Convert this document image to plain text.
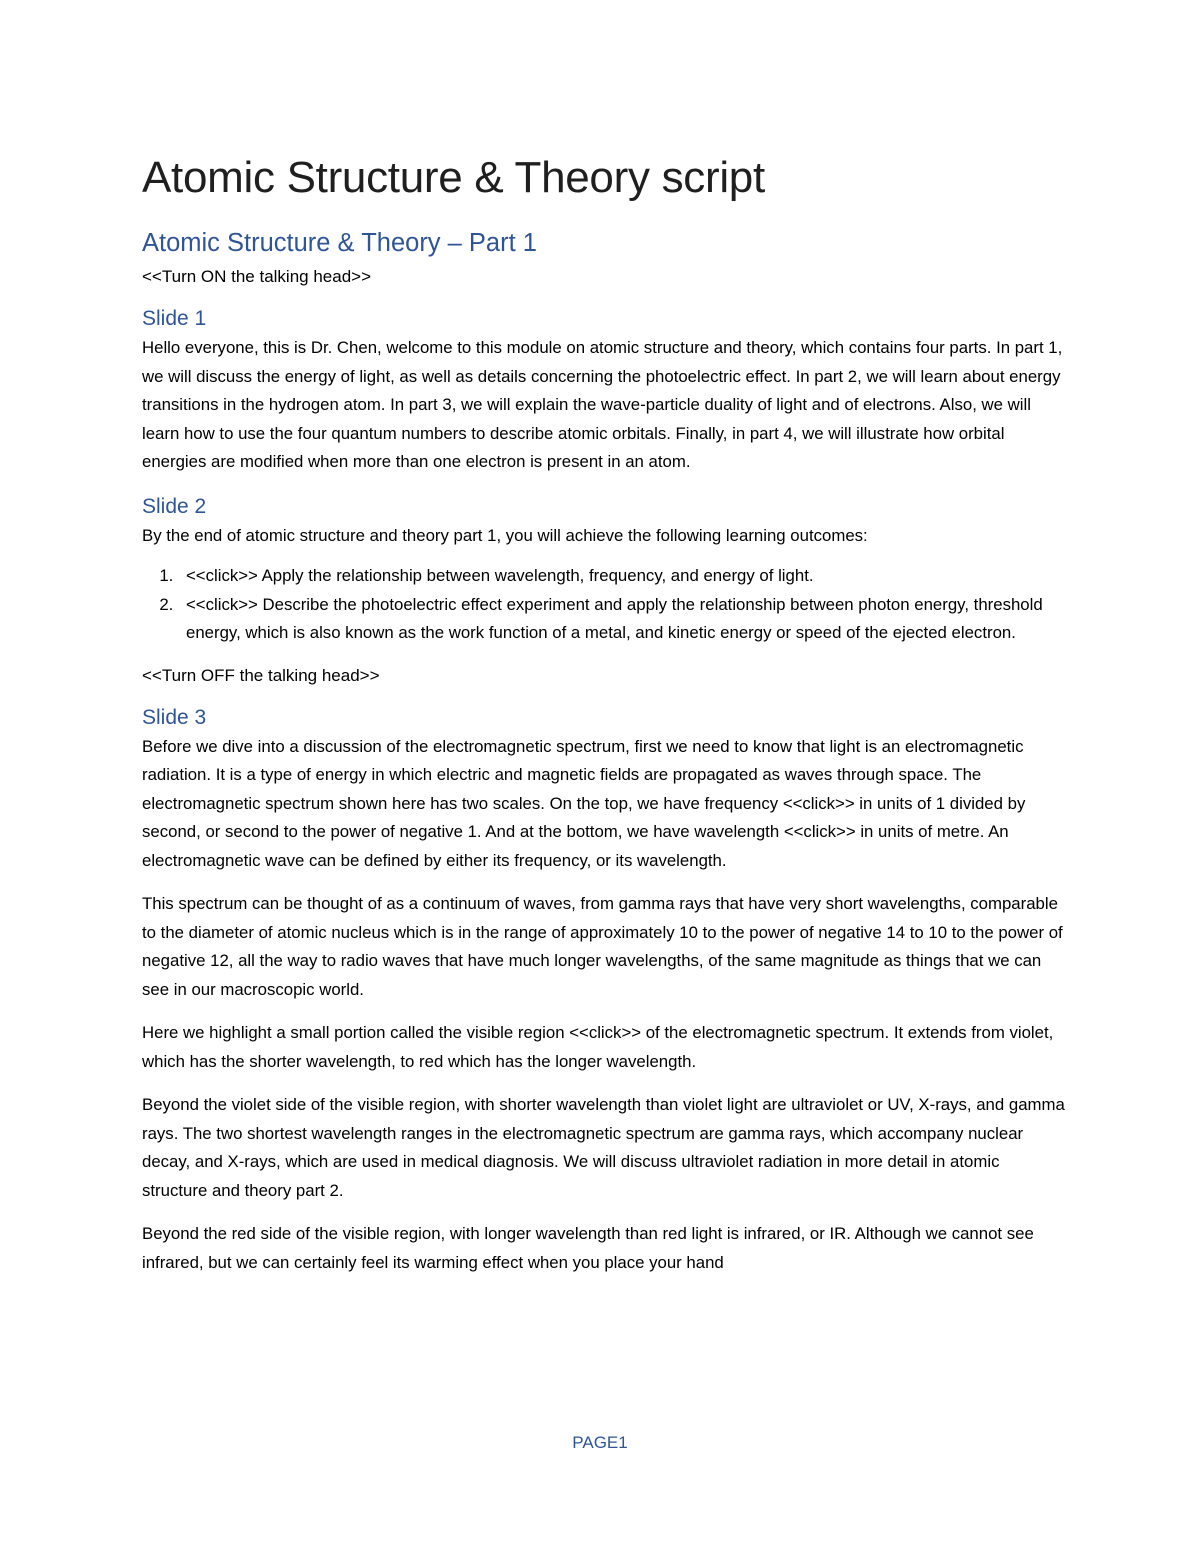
Atomic Structure & Theory script
Atomic Structure & Theory – Part 1
<<Turn ON the talking head>>
Slide 1

Hello everyone, this is Dr. Chen, welcome to this module on atomic structure and theory, which contains four parts. In part 1, we will discuss the energy of light, as well as details concerning the photoelectric effect. In part 2, we will learn about energy transitions in the hydrogen atom. In part 3, we will explain the wave-particle duality of light and of electrons. Also, we will learn how to use the four quantum numbers to describe atomic orbitals. Finally, in part 4, we will illustrate how orbital energies are modified when more than one electron is present in an atom.

Slide 2

By the end of atomic structure and theory part 1, you will achieve the following learning outcomes:

1. <<click>> Apply the relationship between wavelength, frequency, and energy of light.
2. <<click>> Describe the photoelectric effect experiment and apply the relationship between photon energy, threshold energy, which is also known as the work function of a metal, and kinetic energy or speed of the ejected electron.
<<Turn OFF the talking head>>
Slide 3

Before we dive into a discussion of the electromagnetic spectrum, first we need to know that light is an electromagnetic radiation. It is a type of energy in which electric and magnetic fields are propagated as waves through space. The electromagnetic spectrum shown here has two scales. On the top, we have frequency <<click>> in units of 1 divided by second, or second to the power of negative 1. And at the bottom, we have wavelength <<click>> in units of metre. An electromagnetic wave can be defined by either its frequency, or its wavelength.

This spectrum can be thought of as a continuum of waves, from gamma rays that have very short wavelengths, comparable to the diameter of atomic nucleus which is in the range of approximately 10 to the power of negative 14 to 10 to the power of negative 12, all the way to radio waves that have much longer wavelengths, of the same magnitude as things that we can see in our macroscopic world.

Here we highlight a small portion called the visible region <<click>> of the electromagnetic spectrum. It extends from violet, which has the shorter wavelength, to red which has the longer wavelength.

Beyond the violet side of the visible region, with shorter wavelength than violet light are ultraviolet or UV, X-rays, and gamma rays. The two shortest wavelength ranges in the electromagnetic spectrum are gamma rays, which accompany nuclear decay, and X-rays, which are used in medical diagnosis. We will discuss ultraviolet radiation in more detail in atomic structure and theory part 2.

Beyond the red side of the visible region, with longer wavelength than red light is infrared, or IR. Although we cannot see infrared, but we can certainly feel its warming effect when you place your hand

PAGE1
